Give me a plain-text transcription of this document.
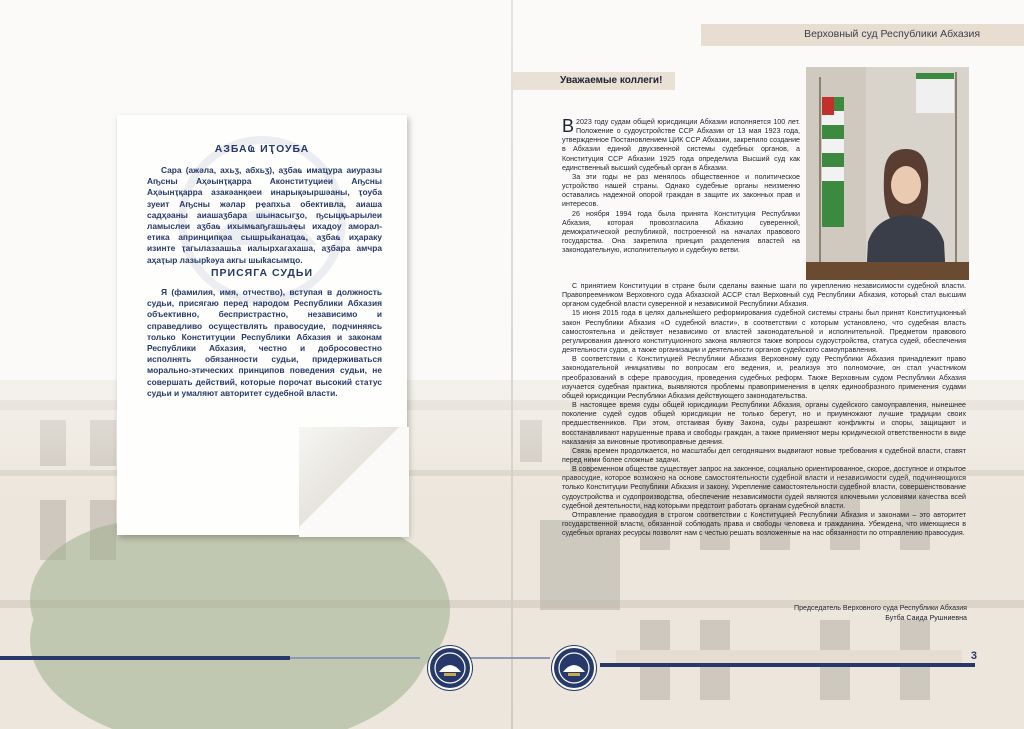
Верховный суд Республики Абхазия
АЗБАҨ ИҬОУБА
Сара (ажәла, ахьӡ, абхьӡ), аӡбаҩ имаҵура аиуразы Аҧсны Аҳәынҭқарра Аконституциеи Аҧсны Аҳәынҭқарра азакәанқәеи инарықәыршәаны, ҭоуба зуеит Аҧсны жәлар рҿапхьа обективла, аиаша садҳәаны аиашаӡбара шынасыгӡо, ҧсыцқьарылеи ламыслеи аӡбаҩ ихымҩаҧгашьаҿы ихадоу аморал- етика апринципқәа сышрыҟанаҵаҩ, аӡбаҩ иҳараку изинте ҭагылазаашьа иалырхагахаша, аӡбара амчра аҳаҭыр лазырҟәуа акгы шыҟасымҵо.
ПРИСЯГА СУДЬИ
Я (фамилия, имя, отчество), вступая в должность судьи, присягаю перед народом Республики Абхазия объективно, беспристрастно, независимо и справедливо осуществлять правосудие, подчиняясь только Конституции Республики Абхазия и законам Республики Абхазия, честно и добросовестно исполнять обязанности судьи, придерживаться морально-этических принципов поведения судьи, не совершать действий, которые порочат высокий статус судьи и умаляют авторитет судебной власти.
Уважаемые коллеги!

В 2023 году судам общей юрисдикции Абхазии исполняется 100 лет. Положение о судоустройстве ССР Абхазии от 13 мая 1923 года, утвержденное Постановлением ЦИК ССР Абхазии, закрепило создание в Абхазии единой двухзвенной системы судебных органов, а Конституция ССР Абхазии 1925 года определила Высший суд как единственный высший судебный орган в Абхазии.

За эти годы не раз менялось общественное и политическое устройство нашей страны. Однако судебные органы неизменно оставались надежной опорой граждан в защите их законных прав и интересов.

26 ноября 1994 года была принята Конституция Республики Абхазия, которая провозгласила Абхазию суверенной, демократической республикой, построенной на началах правового государства. Она закрепила принцип разделения властей на законодательную, исполнительную и судебную ветви.

С принятием Конституции в стране были сделаны важные шаги по укреплению независимости судебной власти. Правопреемником Верховного суда Абхазской АССР стал Верховный суд Республики Абхазия, который стал высшим органом судебной власти суверенной и независимой Республики Абхазия.

15 июня 2015 года в целях дальнейшего реформирования судебной системы страны был принят Конституционный закон Республики Абхазия «О судебной власти», в соответствии с которым установлено, что судебная власть самостоятельна и действует независимо от властей законодательной и исполнительной. Предметом правового регулирования данного конституционного закона являются также вопросы судоустройства, статуса судей, обеспечения деятельности судов, а также организации и деятельности органов судейского самоуправления.

В соответствии с Конституцией Республики Абхазия Верховному суду Республики Абхазия принадлежит право законодательной инициативы по вопросам его ведения, и, реализуя это полномочие, он стал участником преобразований в сфере правосудия, проведения судебных реформ. Также Верховным судом Республики Абхазия изучается судебная практика, выявляются проблемы правоприменения в целях единообразного применения судами общей юрисдикции Республики Абхазия действующего законодательства.

В настоящее время суды общей юрисдикции Республики Абхазия, органы судейского самоуправления, нынешнее поколение судей судов общей юрисдикции не только берегут, но и приумножают лучшие традиции своих предшественников. При этом, отстаивая букву Закона, суды разрешают конфликты и споры, защищают и восстанавливают нарушенные права и свободы граждан, а также применяют меры юридической ответственности в виде наказания за виновные противоправные деяния.

Связь времен продолжается, но масштабы дел сегодняшних выдвигают новые требования к судебной власти, ставят перед ними более сложные задачи.

В современном обществе существует запрос на законное, социально ориентированное, скорое, доступное и открытое правосудие, которое возможно на основе самостоятельности судебной власти и независимости судей, подчиняющихся только Конституции Республики Абхазия и закону. Укрепление самостоятельности судебной власти, совершенствование судоустройства и судопроизводства, обеспечение независимости судей являются ключевыми условиями качества всей судебной деятельности, над которыми предстоит работать органам судебной власти.

Отправление правосудия в строгом соответствии с Конституцией Республики Абхазия и законами – это авторитет государственной власти, обязанной соблюдать права и свободы человека и гражданина. Убеждена, что имеющиеся в судебных органах ресурсы позволят нам с честью решать возложенные на нас обязанности по отправлению правосудия.

Председатель Верховного суда Республики Абхазия
Бутба Саида Рушниевна
3
